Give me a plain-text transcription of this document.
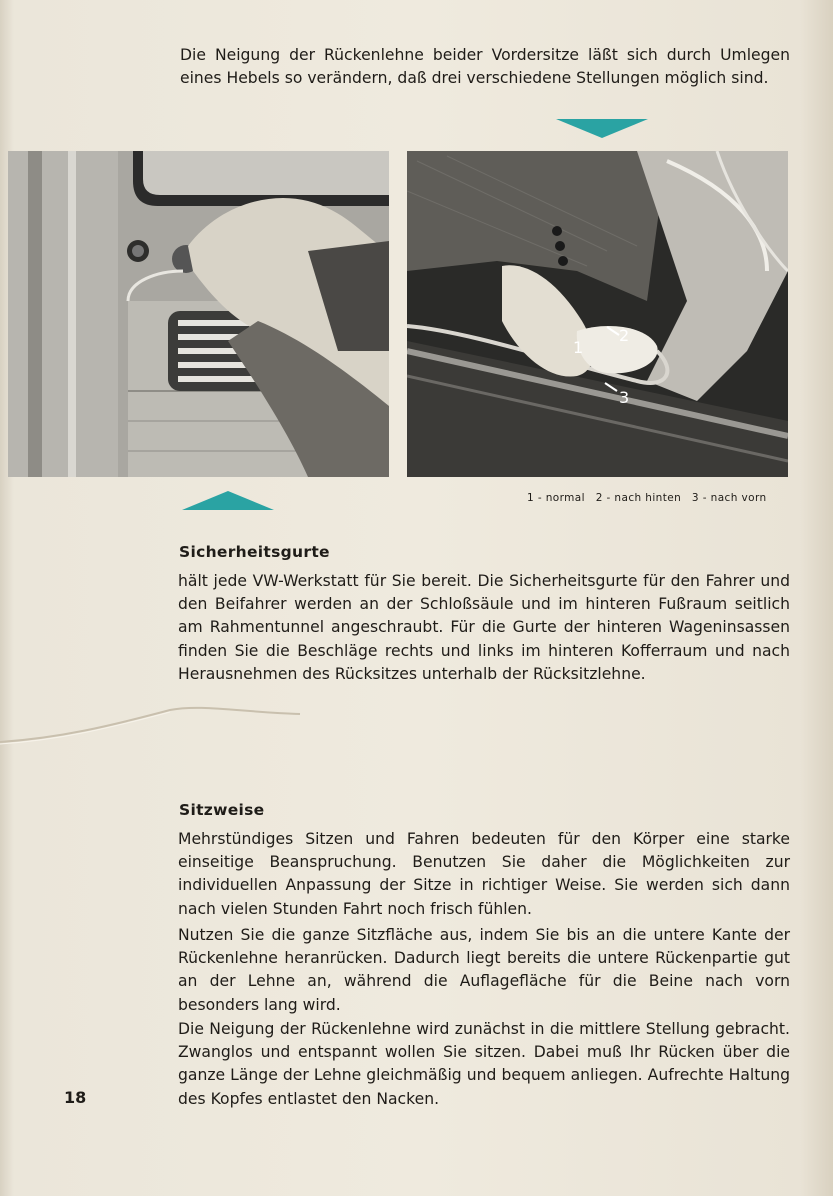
Die Neigung der Rückenlehne beider Vordersitze läßt sich durch Umlegen eines Hebels so verändern, daß drei verschiedene Stellungen möglich sind.

1
2
3
1 - normal 2 - nach hinten 3 - nach vorn
Sicherheitsgurte

hält jede VW-Werkstatt für Sie bereit. Die Sicherheitsgurte für den Fahrer und den Beifahrer werden an der Schloßsäule und im hinteren Fußraum seitlich am Rahmentunnel angeschraubt. Für die Gurte der hinteren Wageninsassen finden Sie die Beschläge rechts und links im hinteren Kofferraum und nach Herausnehmen des Rücksitzes unterhalb der Rücksitzlehne.

Sitzweise

Mehrstündiges Sitzen und Fahren bedeuten für den Körper eine starke einseitige Beanspruchung. Benutzen Sie daher die Möglichkeiten zur individuellen Anpassung der Sitze in richtiger Weise. Sie werden sich dann nach vielen Stunden Fahrt noch frisch fühlen.

Nutzen Sie die ganze Sitzfläche aus, indem Sie bis an die untere Kante der Rückenlehne heranrücken. Dadurch liegt bereits die untere Rückenpartie gut an der Lehne an, während die Auflagefläche für die Beine nach vorn besonders lang wird.

Die Neigung der Rückenlehne wird zunächst in die mittlere Stellung gebracht. Zwanglos und entspannt wollen Sie sitzen. Dabei muß Ihr Rücken über die ganze Länge der Lehne gleichmäßig und bequem anliegen. Aufrechte Haltung des Kopfes entlastet den Nacken.

18
